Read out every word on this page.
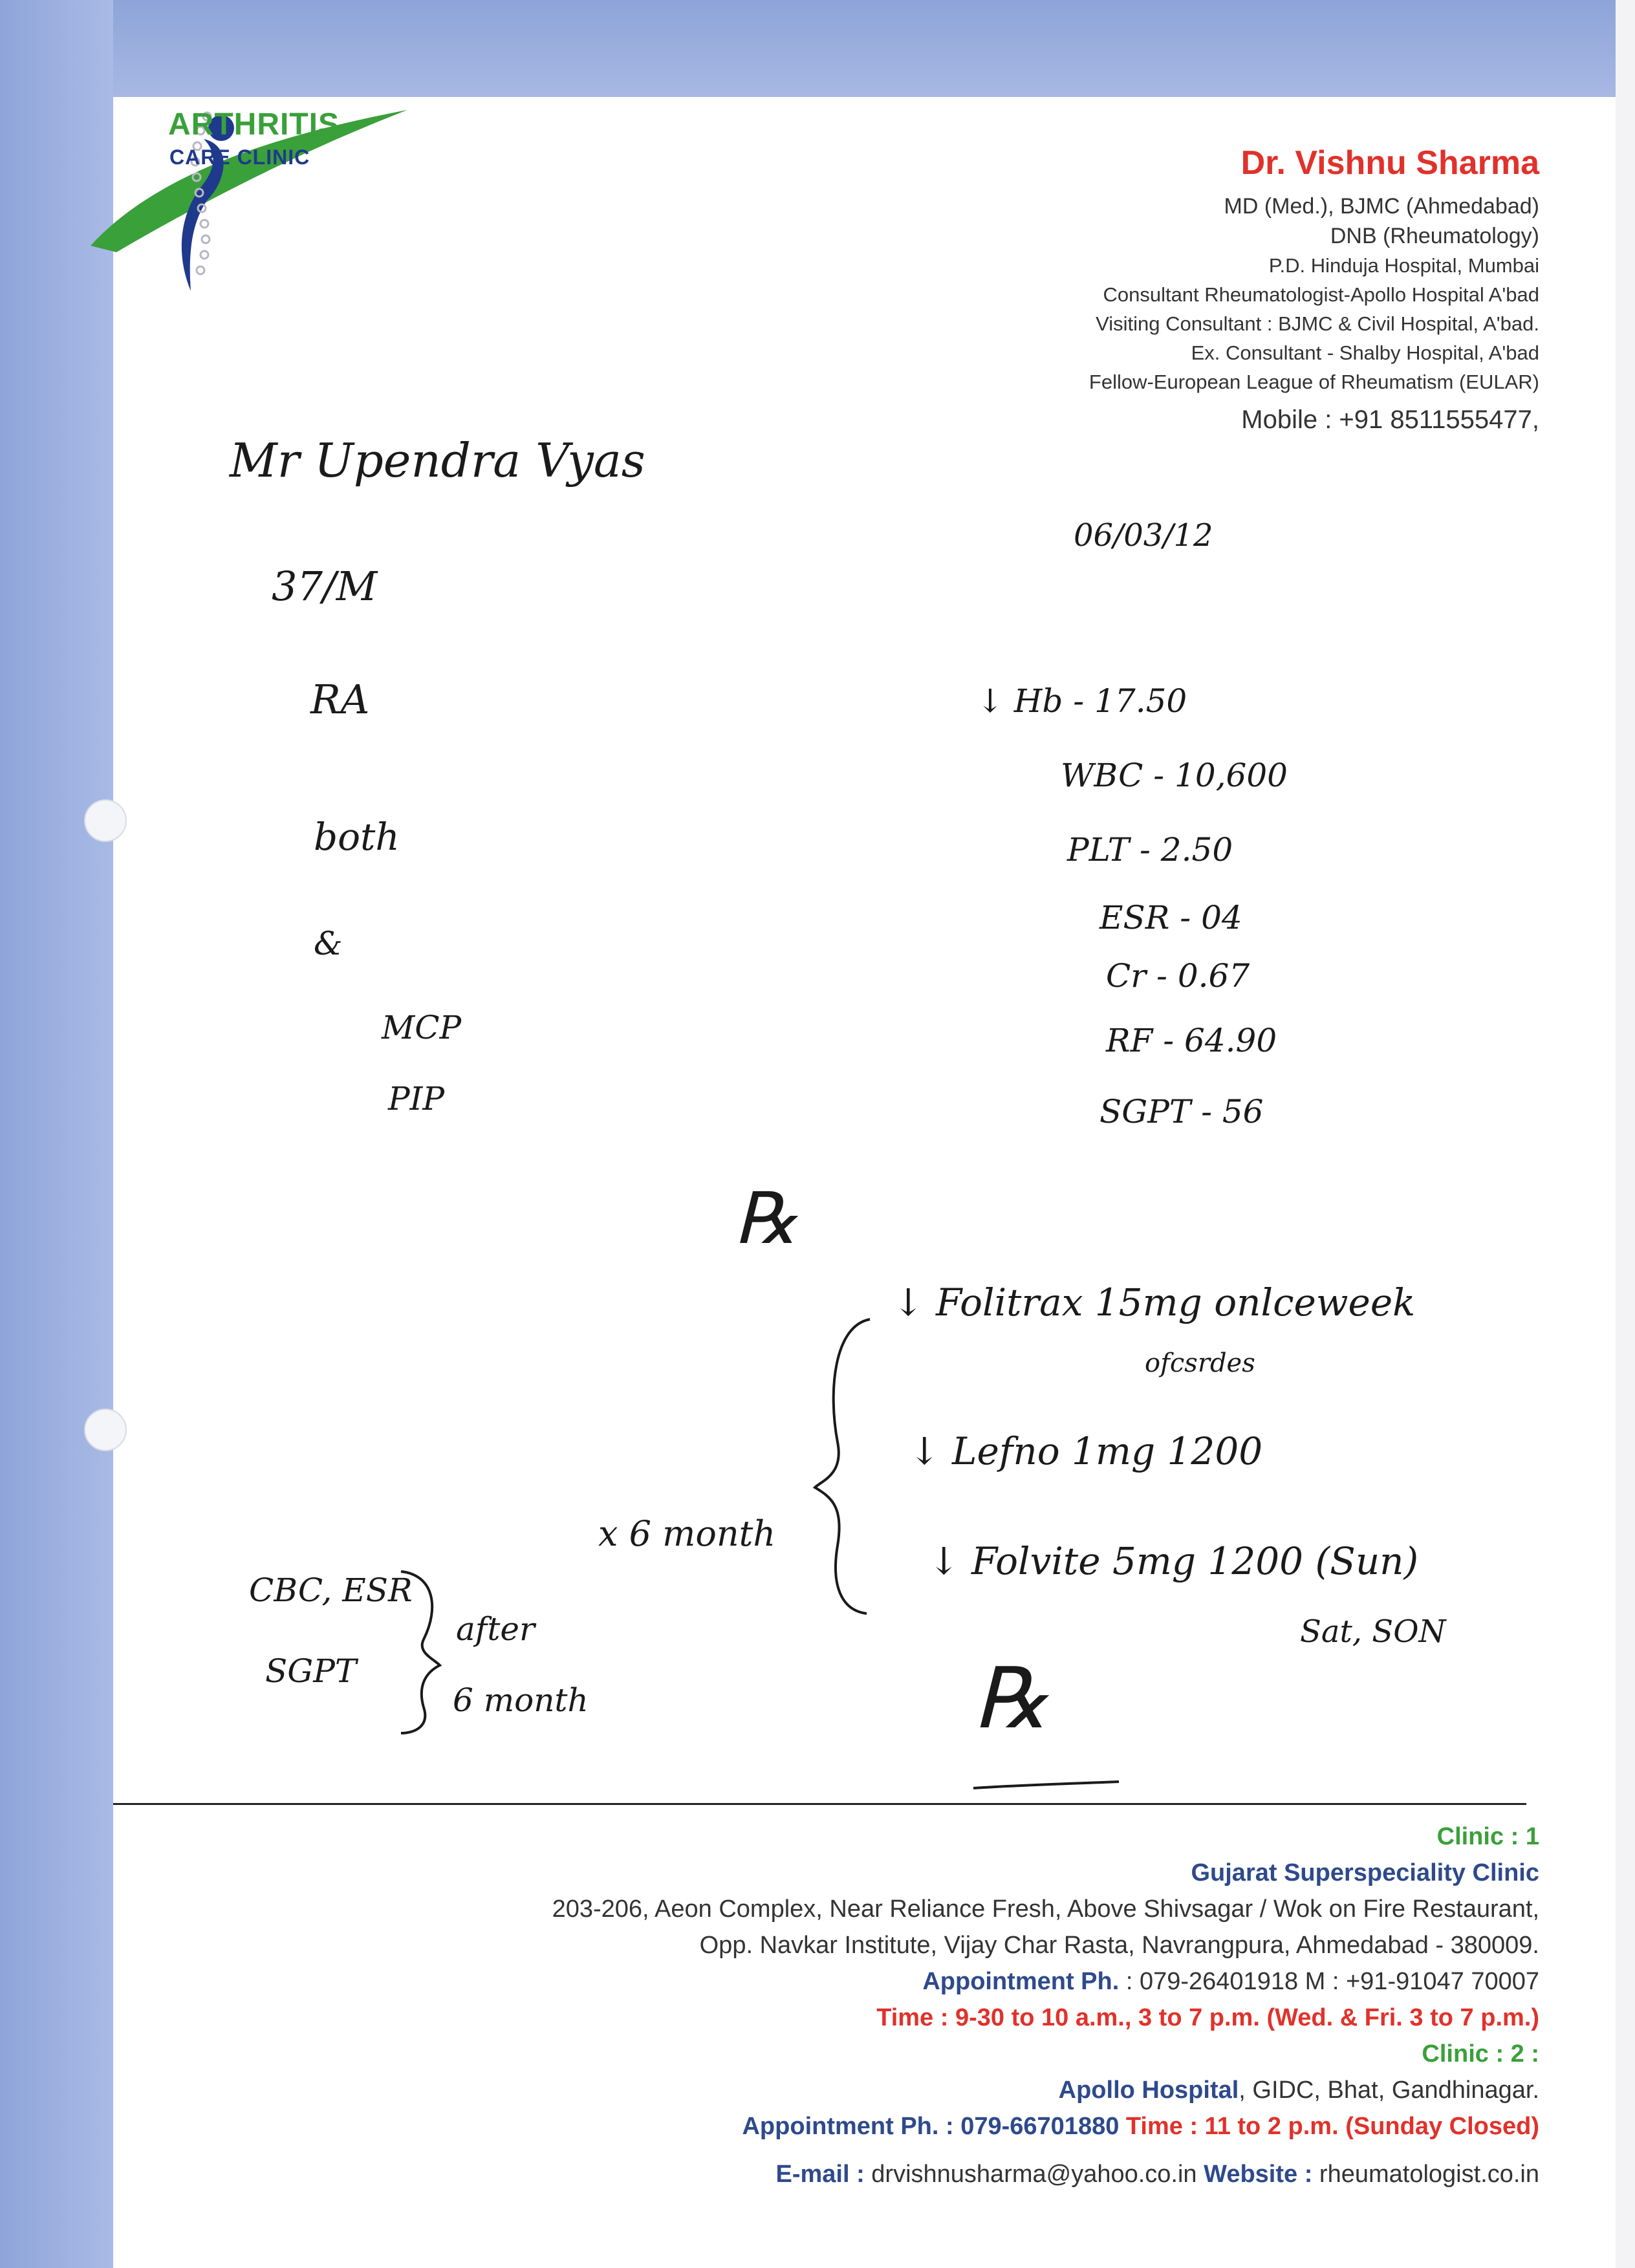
ARTHRITIS
CARE CLINIC	Dr. Vishnu Sharma
MD (Med.), BJMC (Ahmedabad)
DNB (Rheumatology)
P.D. Hinduja Hospital, Mumbai
Consultant Rheumatologist-Apollo Hospital A'bad
Visiting Consultant : BJMC & Civil Hospital, A'bad.
Ex. Consultant - Shalby Hospital, A'bad
Fellow-European League of Rheumatism (EULAR)
Mobile : +91 8511555477,
Mr Upendra Vyas
06/03/12
37/M
RA
both
&
MCP
PIP
↓ Hb - 17.50
WBC - 10,600
PLT - 2.50
ESR - 04
Cr - 0.67
RF - 64.90
SGPT - 56
℞
↓ Folitrax 15mg onlceweek
ofcsrdes
↓ Lefno 1mg 1200
↓ Folvite 5mg 1200 (Sun)
Sat, SON
x 6 month
CBC, ESR
SGPT
after
6 month	℞
Clinic : 1
Gujarat Superspeciality Clinic
203-206, Aeon Complex, Near Reliance Fresh, Above Shivsagar / Wok on Fire Restaurant,
Opp. Navkar Institute, Vijay Char Rasta, Navrangpura, Ahmedabad - 380009.
Appointment Ph. : 079-26401918 M : +91-91047 70007
Time : 9-30 to 10 a.m., 3 to 7 p.m. (Wed. & Fri. 3 to 7 p.m.)
Clinic : 2 :
Apollo Hospital, GIDC, Bhat, Gandhinagar.
Appointment Ph. : 079-66701880 Time : 11 to 2 p.m. (Sunday Closed)
E-mail : drvishnusharma@yahoo.co.in Website : rheumatologist.co.in
